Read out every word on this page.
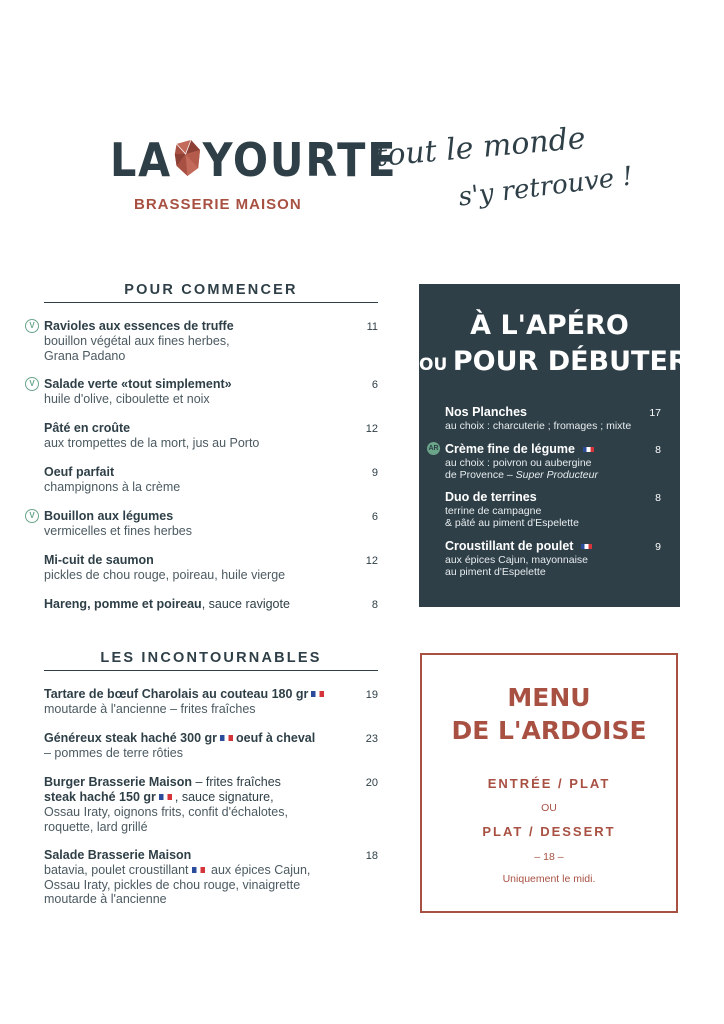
LA YOURTE
BRASSERIE MAISON
tout le monde
s'y retrouve !
POUR COMMENCER
V Ravioles aux essences de truffe
bouillon végétal aux fines herbes,
Grana Padano
11
V Salade verte «tout simplement»
huile d'olive, ciboulette et noix
6
Pâté en croûte
aux trompettes de la mort, jus au Porto
12
Oeuf parfait
champignons à la crème
9
V Bouillon aux légumes
vermicelles et fines herbes
6
Mi-cuit de saumon
pickles de chou rouge, poireau, huile vierge
12
Hareng, pomme et poireau, sauce ravigote	8
LES INCONTOURNABLES
Tartare de bœuf Charolais au couteau 180 gr
moutarde à l'ancienne – frites fraîches
19
Généreux steak haché 300 gr oeuf à cheval
– pommes de terre rôties
23
Burger Brasserie Maison – frites fraîches
steak haché 150 gr , sauce signature,
Ossau Iraty, oignons frits, confit d'échalotes,
roquette, lard grillé
20
Salade Brasserie Maison
batavia, poulet croustillant aux épices Cajun,
Ossau Iraty, pickles de chou rouge, vinaigrette
moutarde à l'ancienne
18
À L'APÉRO
OU POUR DÉBUTER !
Nos Planches
au choix : charcuterie ; fromages ; mixte
17
AR Crème fine de légume
au choix : poivron ou aubergine
de Provence – Super Producteur
8
Duo de terrines
terrine de campagne
& pâté au piment d'Espelette
8
Croustillant de poulet
aux épices Cajun, mayonnaise
au piment d'Espelette
9
MENU
DE L'ARDOISE
ENTRÉE / PLAT
OU
PLAT / DESSERT
– 18 –
Uniquement le midi.
